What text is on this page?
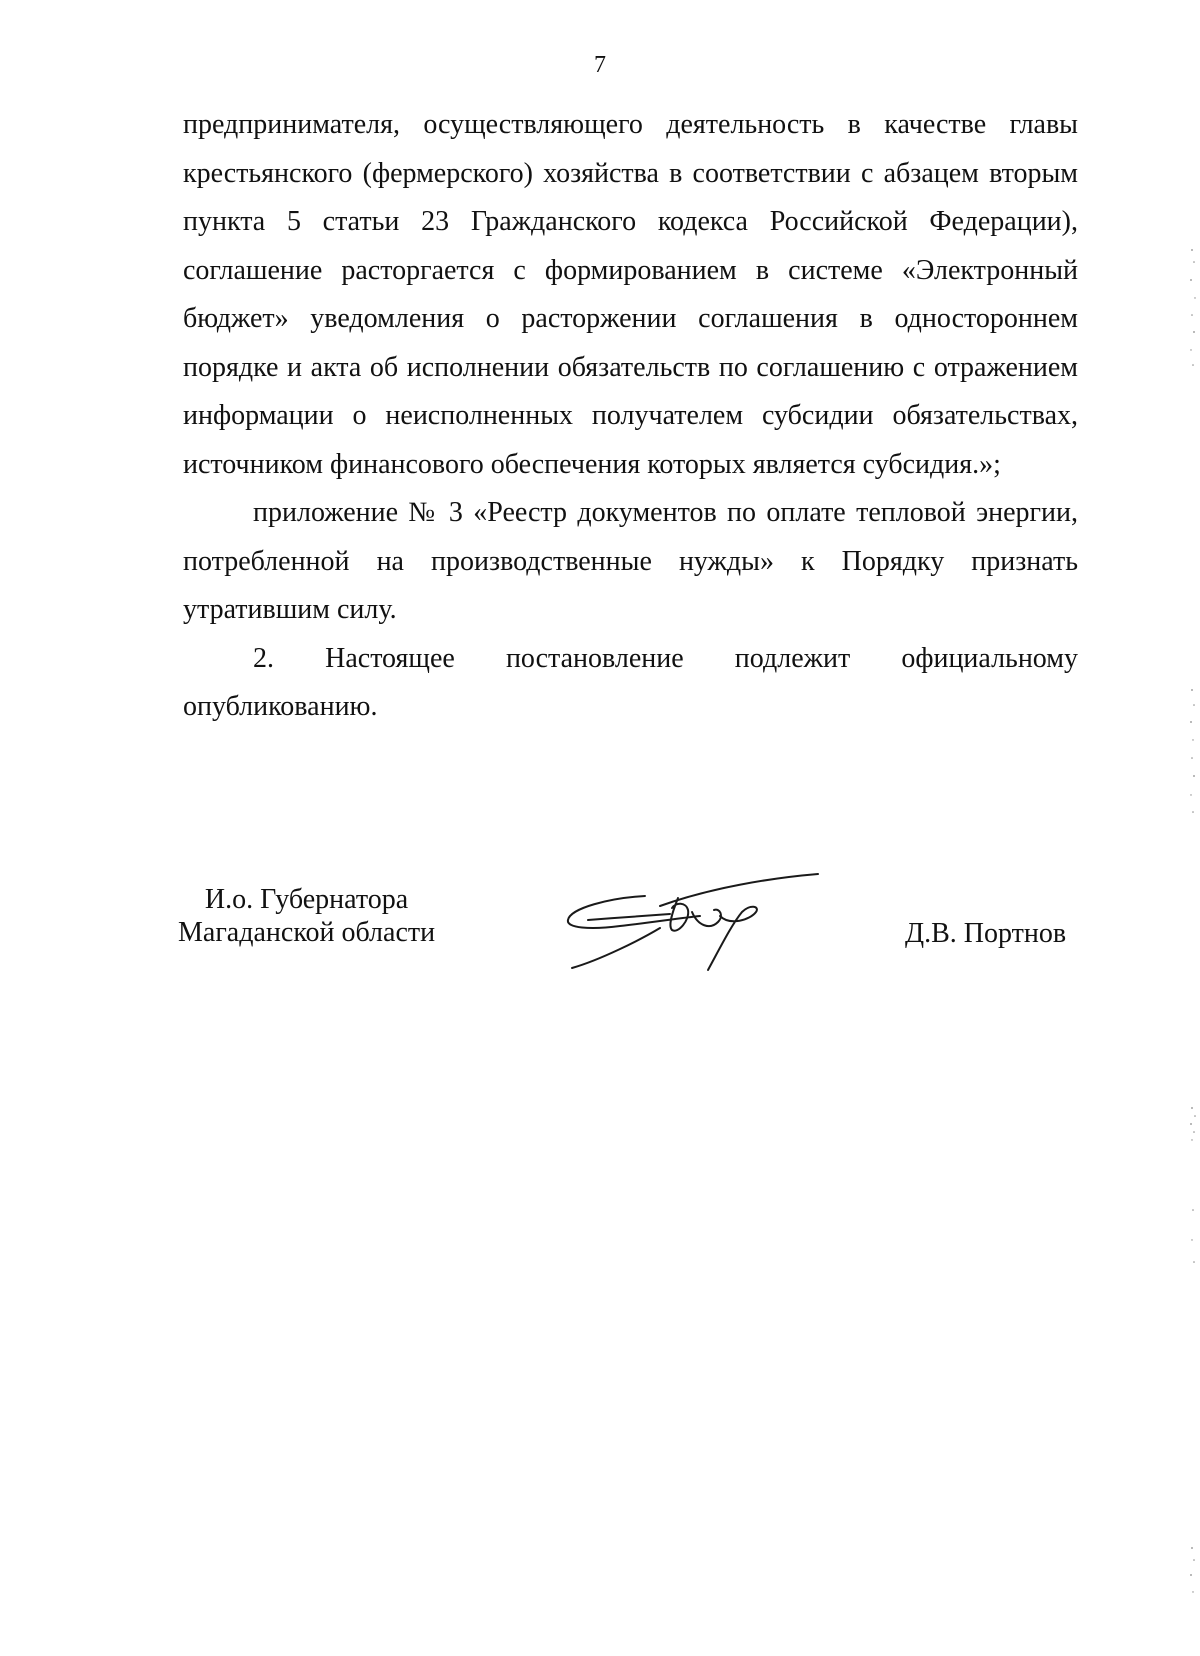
7
предпринимателя, осуществляющего деятельность в качестве главы
крестьянского (фермерского) хозяйства в соответствии с абзацем вторым
пункта 5 статьи 23 Гражданского кодекса Российской Федерации),
соглашение расторгается с формированием в системе «Электронный
бюджет» уведомления о расторжении соглашения в одностороннем
порядке и акта об исполнении обязательств по соглашению с отражением
информации о неисполненных получателем субсидии обязательствах,
источником финансового обеспечения которых является субсидия.»;
приложение № 3 «Реестр документов по оплате тепловой энергии,
потребленной на производственные нужды» к Порядку признать
утратившим силу.
2. Настоящее постановление подлежит официальному
опубликованию.
И.о. Губернатора
Магаданской области	Д.В. Портнов
